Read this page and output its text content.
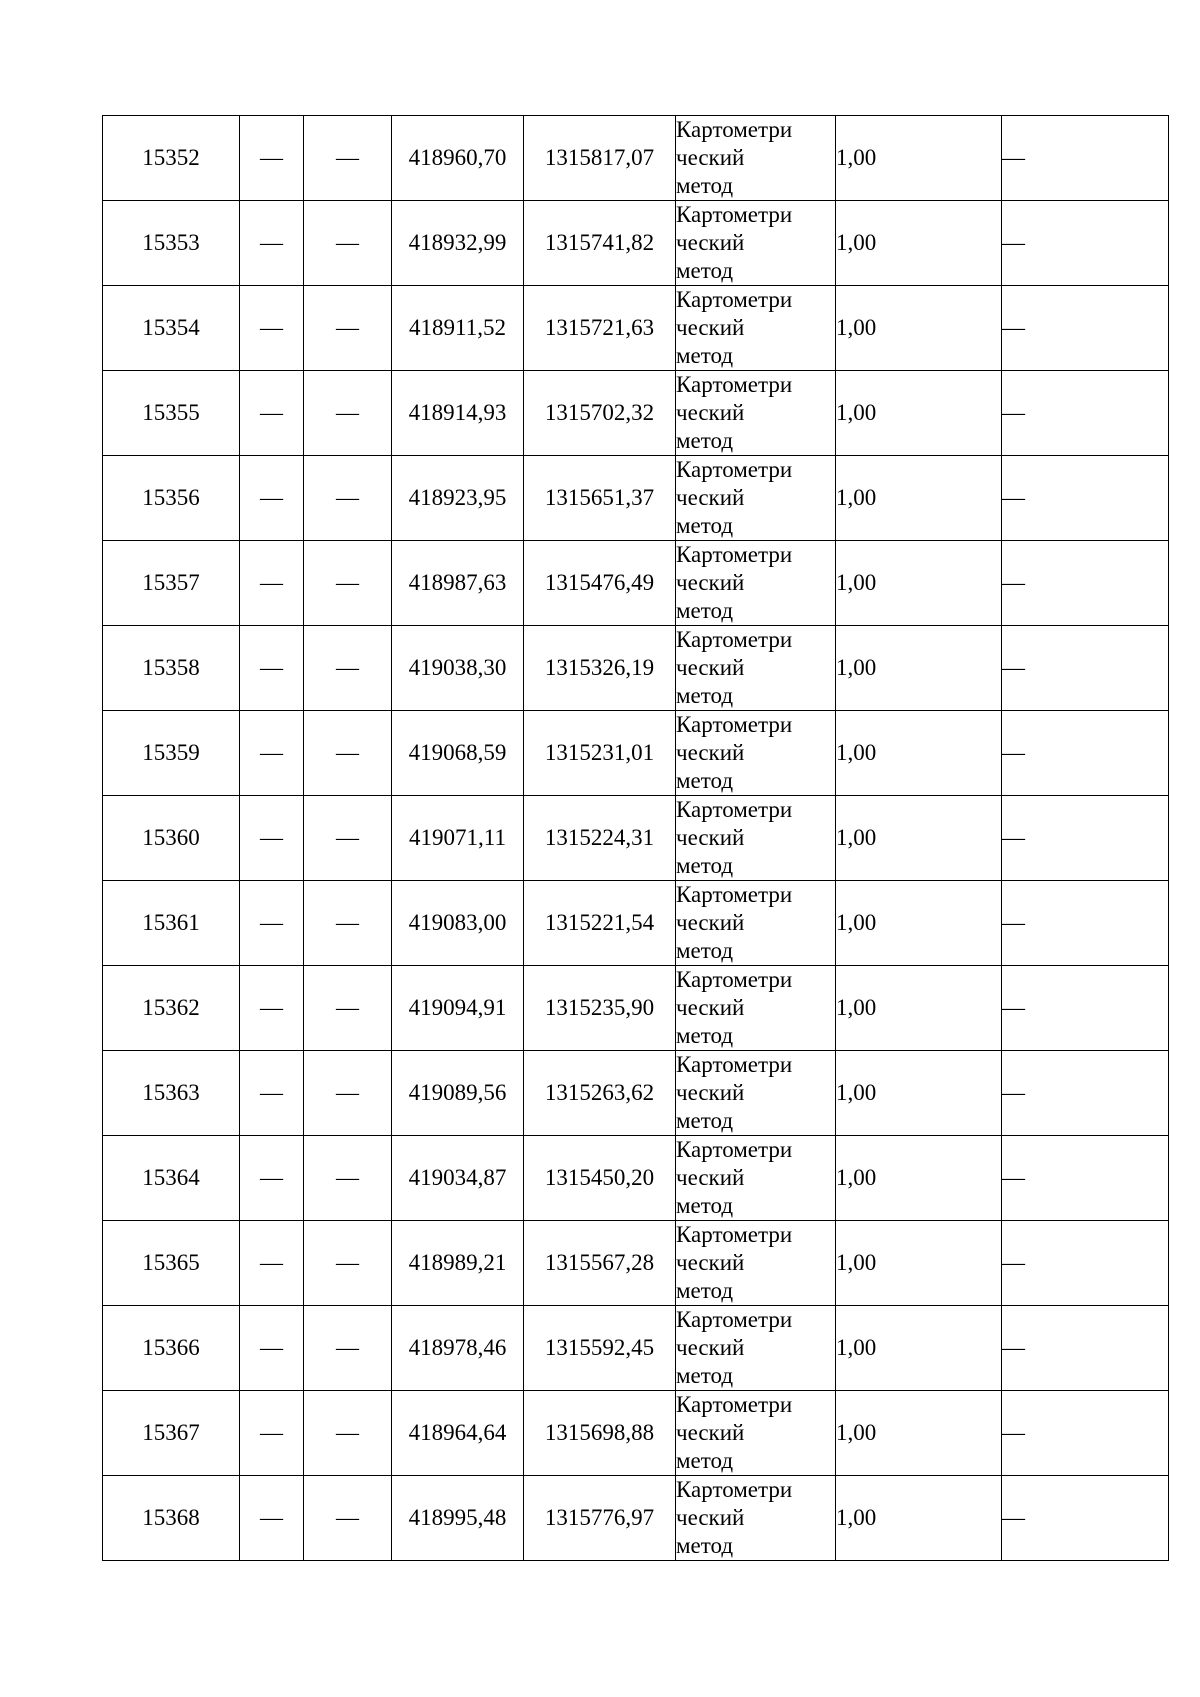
15352	—	—	418960,70	1315817,07	Картометри
ческий
метод	1,00	—
15353	—	—	418932,99	1315741,82	Картометри
ческий
метод	1,00	—
15354	—	—	418911,52	1315721,63	Картометри
ческий
метод	1,00	—
15355	—	—	418914,93	1315702,32	Картометри
ческий
метод	1,00	—
15356	—	—	418923,95	1315651,37	Картометри
ческий
метод	1,00	—
15357	—	—	418987,63	1315476,49	Картометри
ческий
метод	1,00	—
15358	—	—	419038,30	1315326,19	Картометри
ческий
метод	1,00	—
15359	—	—	419068,59	1315231,01	Картометри
ческий
метод	1,00	—
15360	—	—	419071,11	1315224,31	Картометри
ческий
метод	1,00	—
15361	—	—	419083,00	1315221,54	Картометри
ческий
метод	1,00	—
15362	—	—	419094,91	1315235,90	Картометри
ческий
метод	1,00	—
15363	—	—	419089,56	1315263,62	Картометри
ческий
метод	1,00	—
15364	—	—	419034,87	1315450,20	Картометри
ческий
метод	1,00	—
15365	—	—	418989,21	1315567,28	Картометри
ческий
метод	1,00	—
15366	—	—	418978,46	1315592,45	Картометри
ческий
метод	1,00	—
15367	—	—	418964,64	1315698,88	Картометри
ческий
метод	1,00	—
15368	—	—	418995,48	1315776,97	Картометри
ческий
метод	1,00	—
